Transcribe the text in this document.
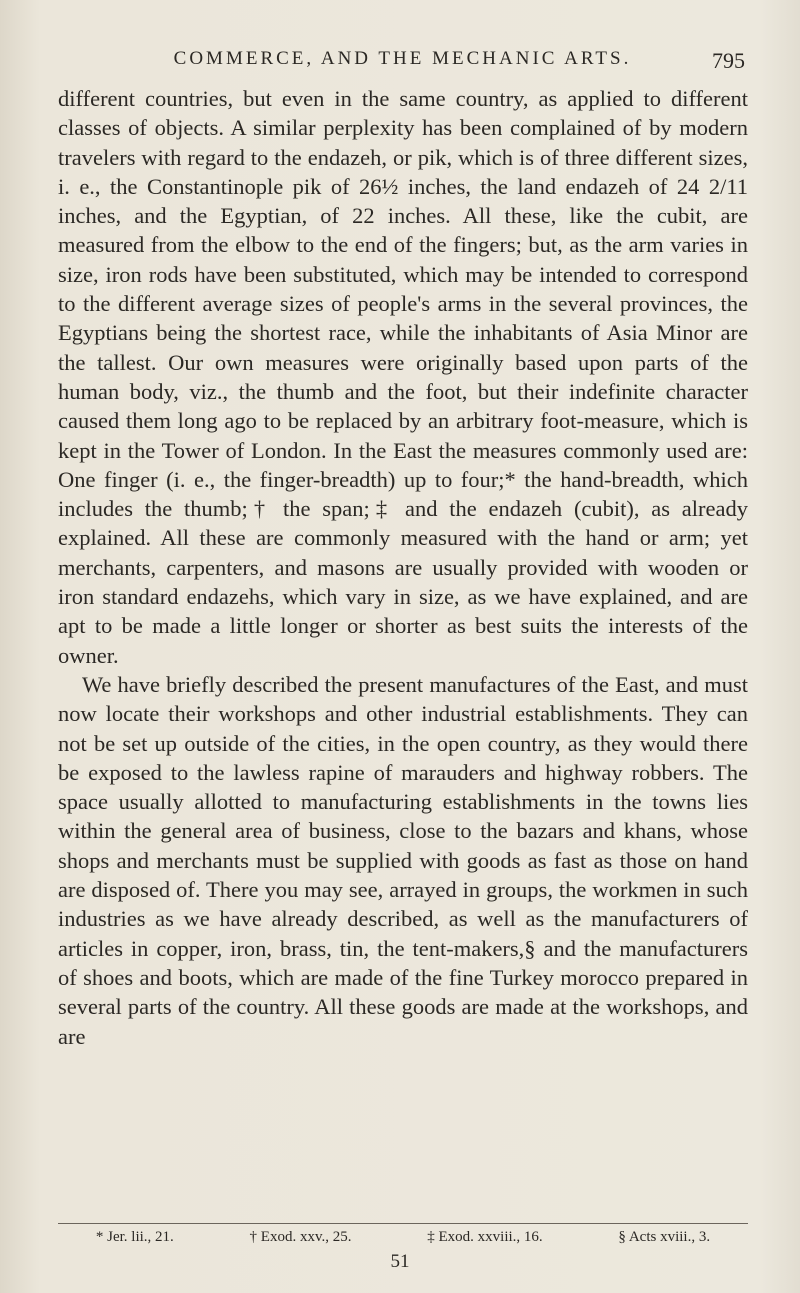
COMMERCE, AND THE MECHANIC ARTS.	795

different countries, but even in the same country, as applied to different classes of objects. A similar perplexity has been complained of by modern travelers with regard to the endazeh, or pik, which is of three different sizes, i. e., the Constantinople pik of 26½ inches, the land endazeh of 24 2/11 inches, and the Egyptian, of 22 inches. All these, like the cubit, are measured from the elbow to the end of the fingers; but, as the arm varies in size, iron rods have been substituted, which may be intended to correspond to the different average sizes of people's arms in the several provinces, the Egyptians being the shortest race, while the inhabitants of Asia Minor are the tallest. Our own measures were originally based upon parts of the human body, viz., the thumb and the foot, but their indefinite character caused them long ago to be replaced by an arbitrary foot-measure, which is kept in the Tower of London. In the East the measures commonly used are: One finger (i. e., the finger-breadth) up to four;* the hand-breadth, which includes the thumb;† the span;‡ and the endazeh (cubit), as already explained. All these are commonly measured with the hand or arm; yet merchants, carpenters, and masons are usually provided with wooden or iron standard endazehs, which vary in size, as we have explained, and are apt to be made a little longer or shorter as best suits the interests of the owner.

We have briefly described the present manufactures of the East, and must now locate their workshops and other industrial establishments. They can not be set up outside of the cities, in the open country, as they would there be exposed to the lawless rapine of marauders and highway robbers. The space usually allotted to manufacturing establishments in the towns lies within the general area of business, close to the bazars and khans, whose shops and merchants must be supplied with goods as fast as those on hand are disposed of. There you may see, arrayed in groups, the workmen in such industries as we have already described, as well as the manufacturers of articles in copper, iron, brass, tin, the tent-makers,§ and the manufacturers of shoes and boots, which are made of the fine Turkey morocco prepared in several parts of the country. All these goods are made at the workshops, and are

* Jer. lii., 21.	† Exod. xxv., 25.	‡ Exod. xxviii., 16.	§ Acts xviii., 3.
51
